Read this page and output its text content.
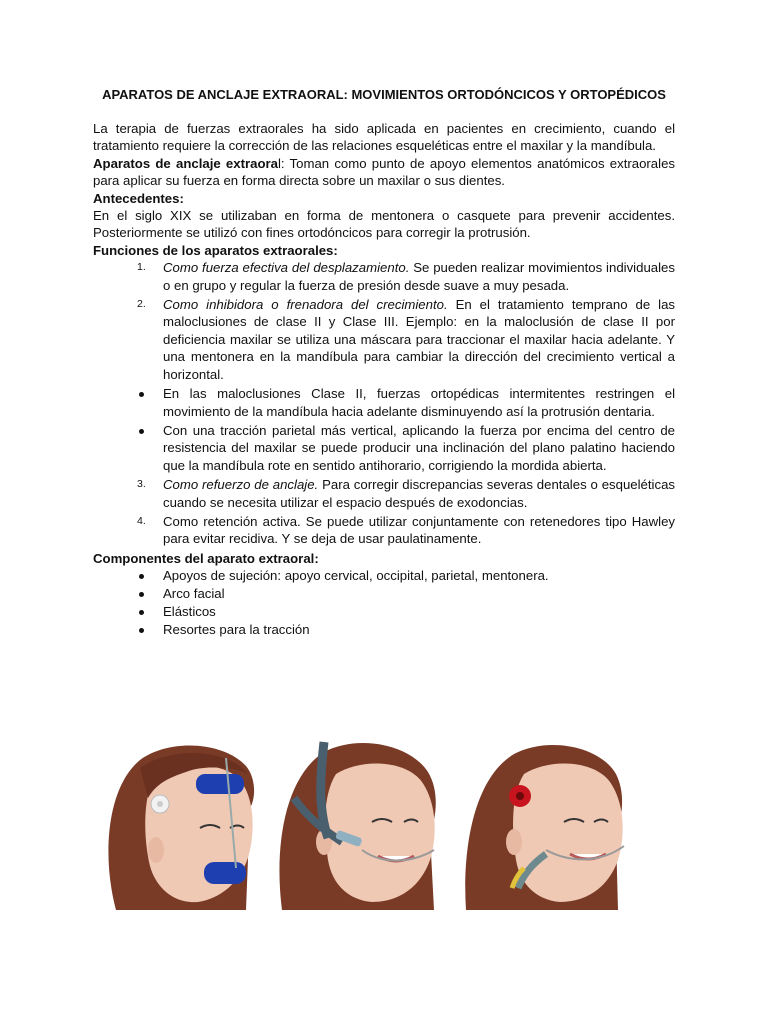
APARATOS DE ANCLAJE EXTRAORAL: MOVIMIENTOS ORTODÓNCICOS Y ORTOPÉDICOS

La terapia de fuerzas extraorales ha sido aplicada en pacientes en crecimiento, cuando el tratamiento requiere la corrección de las relaciones esqueléticas entre el maxilar y la mandíbula.

Aparatos de anclaje extraoral: Toman como punto de apoyo elementos anatómicos extraorales para aplicar su fuerza en forma directa sobre un maxilar o sus dientes.

Antecedentes:

En el siglo XIX se utilizaban en forma de mentonera o casquete para prevenir accidentes. Posteriormente se utilizó con fines ortodóncicos para corregir la protrusión.

Funciones de los aparatos extraorales:
1.	Como fuerza efectiva del desplazamiento. Se pueden realizar movimientos individuales o en grupo y regular la fuerza de presión desde suave a muy pesada.
2.	Como inhibidora o frenadora del crecimiento. En el tratamiento temprano de las maloclusiones de clase II y Clase III. Ejemplo: en la maloclusión de clase II por deficiencia maxilar se utiliza una máscara para traccionar el maxilar hacia adelante. Y una mentonera en la mandíbula para cambiar la dirección del crecimiento vertical a horizontal.
En las maloclusiones Clase II, fuerzas ortopédicas intermitentes restringen el movimiento de la mandíbula hacia adelante disminuyendo así la protrusión dentaria.
Con una tracción parietal más vertical, aplicando la fuerza por encima del centro de resistencia del maxilar se puede producir una inclinación del plano palatino haciendo que la mandíbula rote en sentido antihorario, corrigiendo la mordida abierta.
3.	Como refuerzo de anclaje. Para corregir discrepancias severas dentales o esqueléticas cuando se necesita utilizar el espacio después de exodoncias.
4.	Como retención activa. Se puede utilizar conjuntamente con retenedores tipo Hawley para evitar recidiva. Y se deja de usar paulatinamente.
Componentes del aparato extraoral:
Apoyos de sujeción: apoyo cervical, occipital, parietal, mentonera.
Arco facial
Elásticos
Resortes para la tracción
